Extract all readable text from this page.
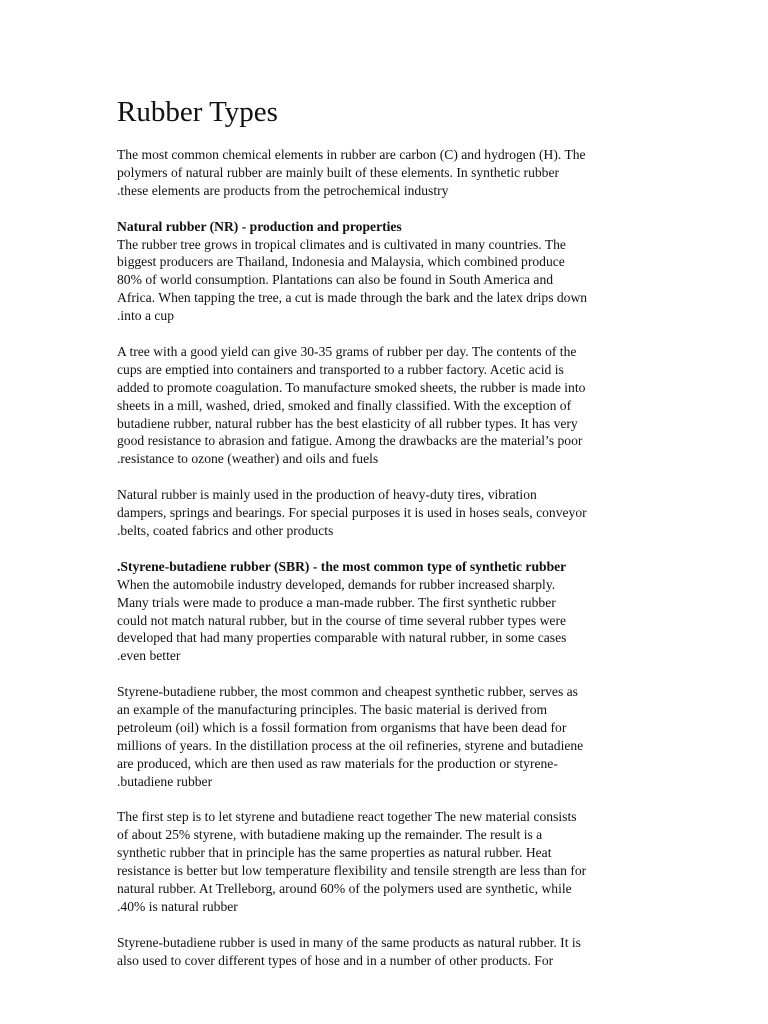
Rubber Types

The most common chemical elements in rubber are carbon (C) and hydrogen (H). The
polymers of natural rubber are mainly built of these elements. In synthetic rubber
.these elements are products from the petrochemical industry

Natural rubber (NR) - production and properties

The rubber tree grows in tropical climates and is cultivated in many countries. The
biggest producers are Thailand, Indonesia and Malaysia, which combined produce
80% of world consumption. Plantations can also be found in South America and
Africa. When tapping the tree, a cut is made through the bark and the latex drips down
.into a cup

A tree with a good yield can give 30-35 grams of rubber per day. The contents of the
cups are emptied into containers and transported to a rubber factory. Acetic acid is
added to promote coagulation. To manufacture smoked sheets, the rubber is made into
sheets in a mill, washed, dried, smoked and finally classified. With the exception of
butadiene rubber, natural rubber has the best elasticity of all rubber types. It has very
good resistance to abrasion and fatigue. Among the drawbacks are the material’s poor
.resistance to ozone (weather) and oils and fuels

Natural rubber is mainly used in the production of heavy-duty tires, vibration
dampers, springs and bearings. For special purposes it is used in hoses seals, conveyor
.belts, coated fabrics and other products

.Styrene-butadiene rubber (SBR) - the most common type of synthetic rubber

When the automobile industry developed, demands for rubber increased sharply.
Many trials were made to produce a man-made rubber. The first synthetic rubber
could not match natural rubber, but in the course of time several rubber types were
developed that had many properties comparable with natural rubber, in some cases
.even better

Styrene-butadiene rubber, the most common and cheapest synthetic rubber, serves as
an example of the manufacturing principles. The basic material is derived from
petroleum (oil) which is a fossil formation from organisms that have been dead for
millions of years. In the distillation process at the oil refineries, styrene and butadiene
are produced, which are then used as raw materials for the production or styrene-
.butadiene rubber

The first step is to let styrene and butadiene react together The new material consists
of about 25% styrene, with butadiene making up the remainder. The result is a
synthetic rubber that in principle has the same properties as natural rubber. Heat
resistance is better but low temperature flexibility and tensile strength are less than for
natural rubber. At Trelleborg, around 60% of the polymers used are synthetic, while
.40% is natural rubber

Styrene-butadiene rubber is used in many of the same products as natural rubber. It is
also used to cover different types of hose and in a number of other products. For
